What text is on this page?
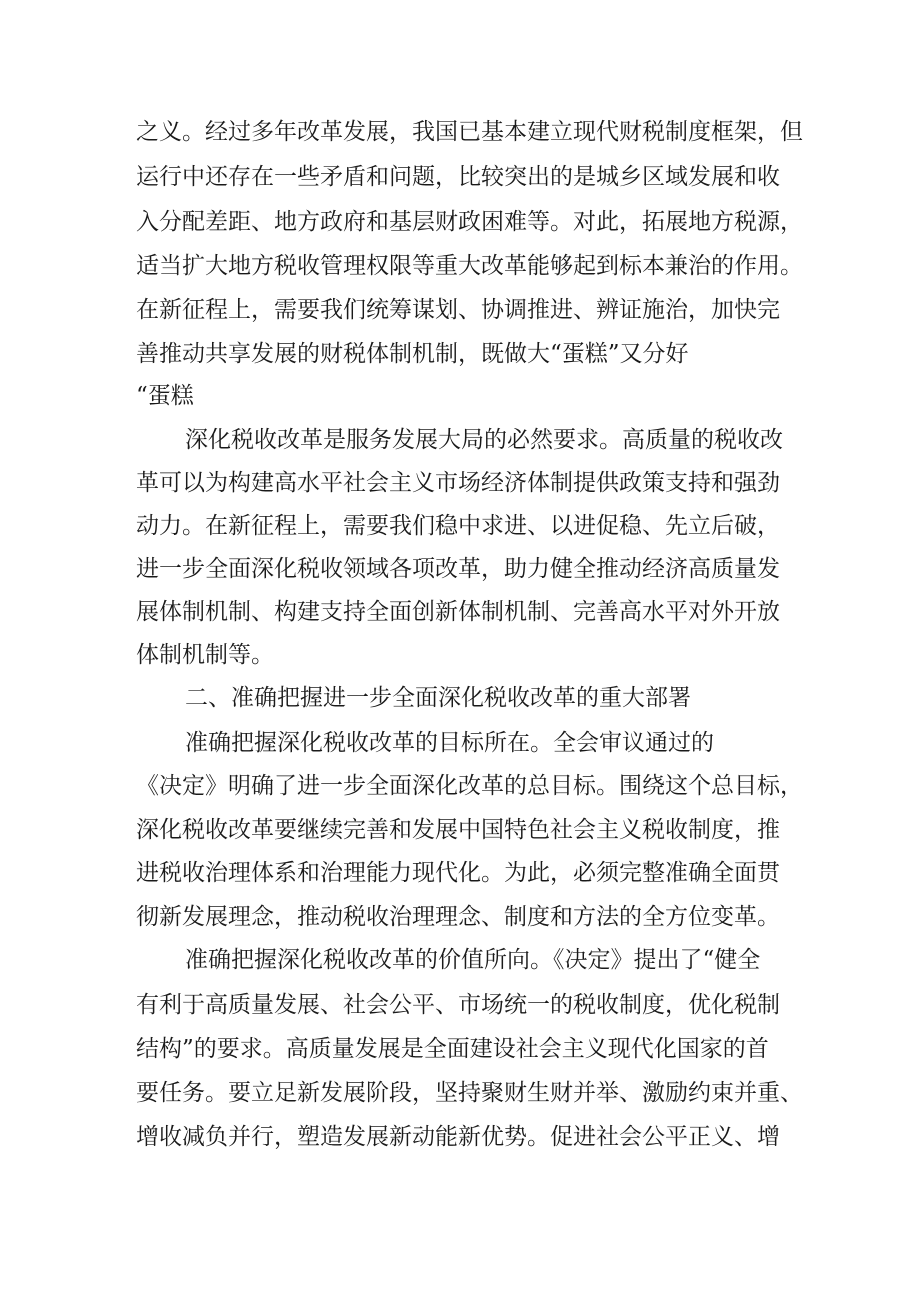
之义。经过多年改革发展，我国已基本建立现代财税制度框架，但
运行中还存在一些矛盾和问题，比较突出的是城乡区域发展和收
入分配差距、地方政府和基层财政困难等。对此，拓展地方税源，
适当扩大地方税收管理权限等重大改革能够起到标本兼治的作用。
在新征程上，需要我们统筹谋划、协调推进、辨证施治，加快完
善推动共享发展的财税体制机制，既做大“蛋糕”又分好
“蛋糕
深化税收改革是服务发展大局的必然要求。高质量的税收改
革可以为构建高水平社会主义市场经济体制提供政策支持和强劲
动力。在新征程上，需要我们稳中求进、以进促稳、先立后破，
进一步全面深化税收领域各项改革，助力健全推动经济高质量发
展体制机制、构建支持全面创新体制机制、完善高水平对外开放
体制机制等。
二、准确把握进一步全面深化税收改革的重大部署
准确把握深化税收改革的目标所在。全会审议通过的
《决定》明确了进一步全面深化改革的总目标。围绕这个总目标，
深化税收改革要继续完善和发展中国特色社会主义税收制度，推
进税收治理体系和治理能力现代化。为此，必须完整准确全面贯
彻新发展理念，推动税收治理理念、制度和方法的全方位变革。
准确把握深化税收改革的价值所向。《决定》提出了“健全
有利于高质量发展、社会公平、市场统一的税收制度，优化税制
结构”的要求。高质量发展是全面建设社会主义现代化国家的首
要任务。要立足新发展阶段，坚持聚财生财并举、激励约束并重、
增收减负并行，塑造发展新动能新优势。促进社会公平正义、增
